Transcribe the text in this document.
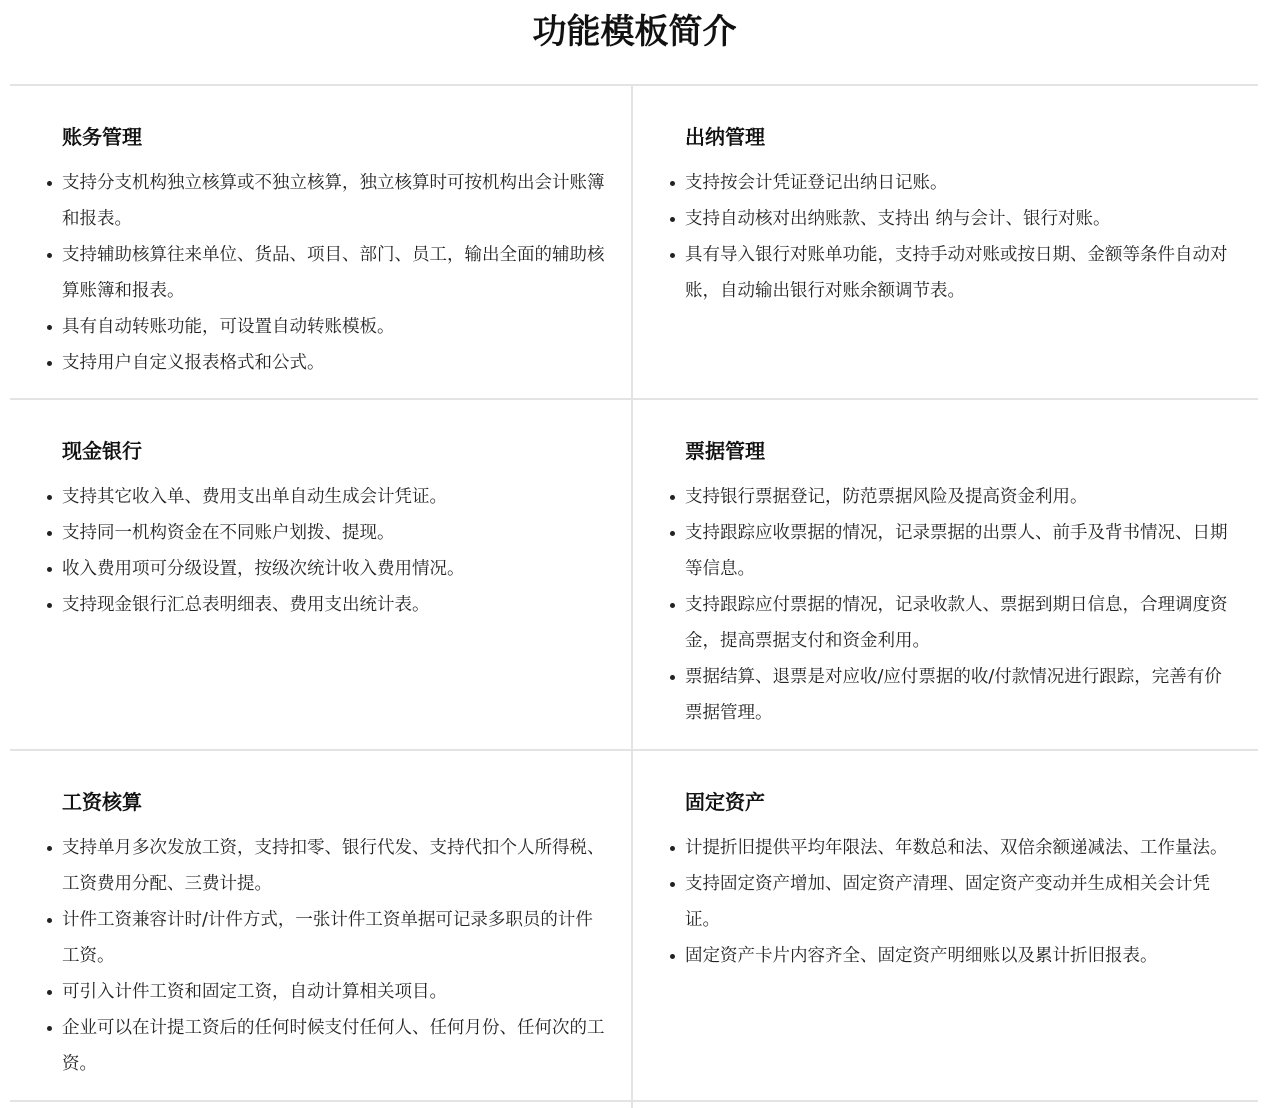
功能模板简介
账务管理
支持分支机构独立核算或不独立核算，独立核算时可按机构出会计账簿和报表。
支持辅助核算往来单位、货品、项目、部门、员工，输出全面的辅助核算账簿和报表。
具有自动转账功能，可设置自动转账模板。
支持用户自定义报表格式和公式。
出纳管理
支持按会计凭证登记出纳日记账。
支持自动核对出纳账款、支持出 纳与会计、银行对账。
具有导入银行对账单功能，支持手动对账或按日期、金额等条件自动对账，自动输出银行对账余额调节表。
现金银行
支持其它收入单、费用支出单自动生成会计凭证。
支持同一机构资金在不同账户划拨、提现。
收入费用项可分级设置，按级次统计收入费用情况。
支持现金银行汇总表明细表、费用支出统计表。
票据管理
支持银行票据登记，防范票据风险及提高资金利用。
支持跟踪应收票据的情况，记录票据的出票人、前手及背书情况、日期等信息。
支持跟踪应付票据的情况，记录收款人、票据到期日信息，合理调度资金，提高票据支付和资金利用。
票据结算、退票是对应收/应付票据的收/付款情况进行跟踪，完善有价票据管理。
工资核算
支持单月多次发放工资，支持扣零、银行代发、支持代扣个人所得税、工资费用分配、三费计提。
计件工资兼容计时/计件方式，一张计件工资单据可记录多职员的计件工资。
可引入计件工资和固定工资，自动计算相关项目。
企业可以在计提工资后的任何时候支付任何人、任何月份、任何次的工资。
固定资产
计提折旧提供平均年限法、年数总和法、双倍余额递减法、工作量法。
支持固定资产增加、固定资产清理、固定资产变动并生成相关会计凭证。
固定资产卡片内容齐全、固定资产明细账以及累计折旧报表。
